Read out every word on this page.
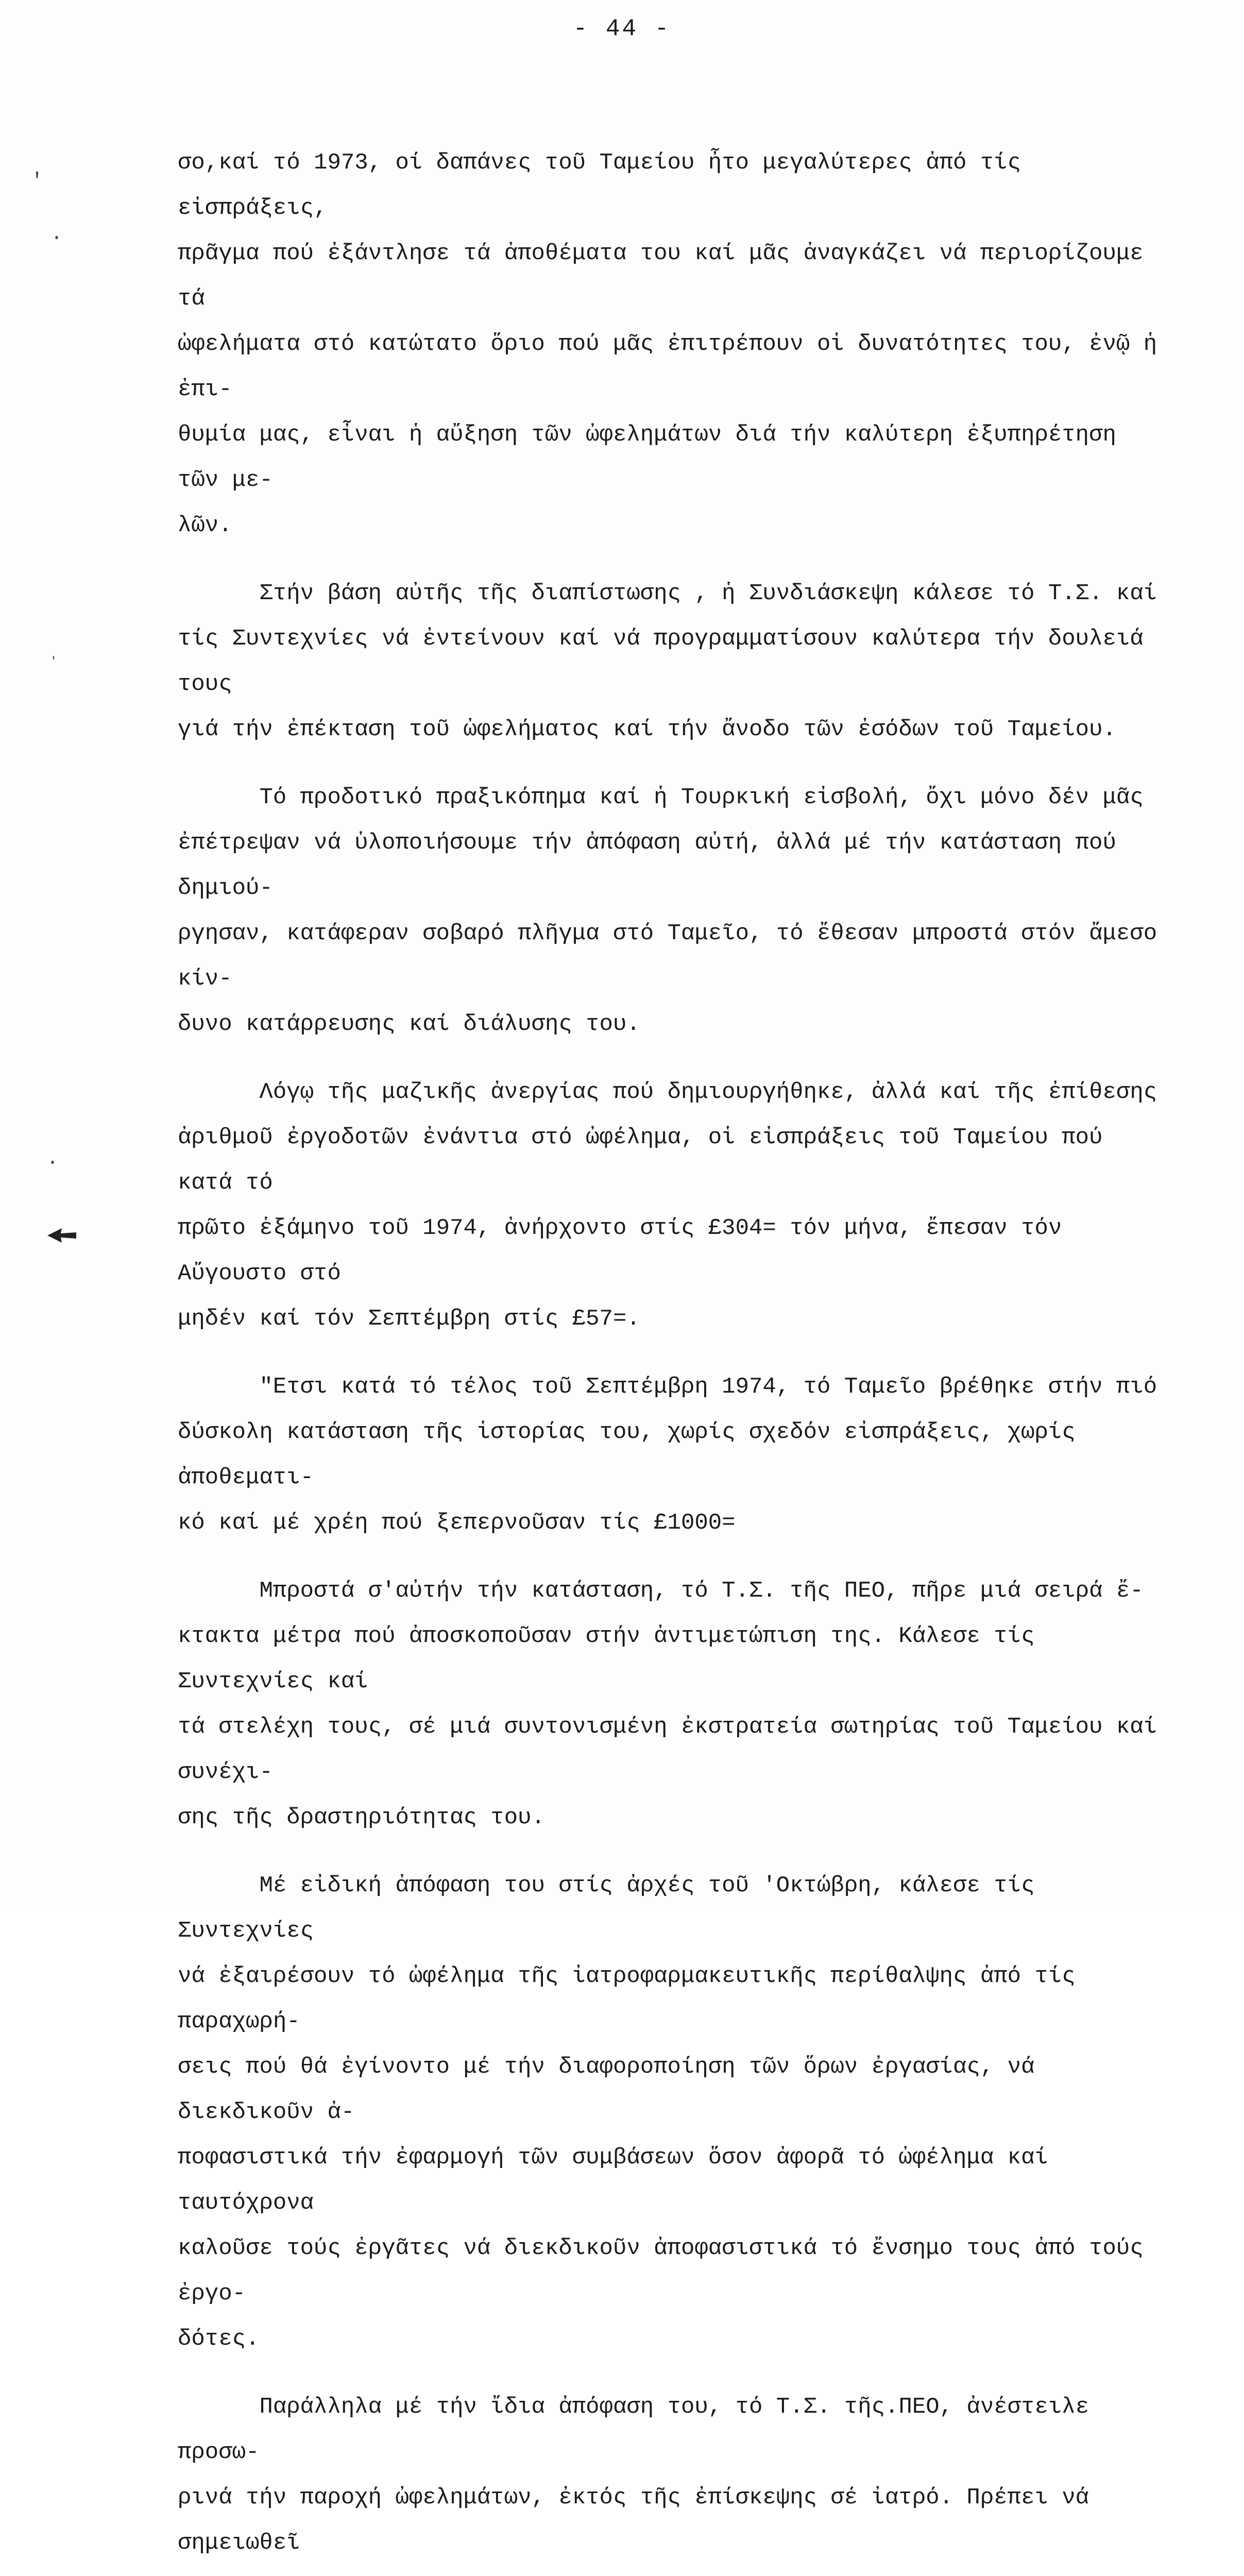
- 44 -
σο,καί τό 1973, οί δαπάνες τοῦ Ταμείου ἦτο μεγαλύτερες ἀπό τίς εἰσπράξεις,
πρᾶγμα πού ἐξάντλησε τά ἀποθέματα του καί μᾶς ἀναγκάζει νά περιορίζουμε τά
ὠφελήματα στό κατώτατο ὅριο πού μᾶς ἐπιτρέπουν οἱ δυνατότητες του, ἐνῷ ἡ ἐπι-
θυμία μας, εἶναι ἡ αὔξηση τῶν ὠφελημάτων διά τήν καλύτερη ἐξυπηρέτηση τῶν με-
λῶν.
Στήν βάση αὐτῆς τῆς διαπίστωσης , ἡ Συνδιάσκεψη κάλεσε τό Τ.Σ. καί
τίς Συντεχνίες νά ἐντείνουν καί νά προγραμματίσουν καλύτερα τήν δουλειά τους
γιά τήν ἐπέκταση τοῦ ὠφελήματος καί τήν ἄνοδο τῶν ἐσόδων τοῦ Ταμείου.
Τό προδοτικό πραξικόπημα καί ἡ Τουρκική εἰσβολή, ὄχι μόνο δέν μᾶς
ἐπέτρεψαν νά ὑλοποιήσουμε τήν ἀπόφαση αὐτή, ἀλλά μέ τήν κατάσταση πού δημιού-
ργησαν, κατάφεραν σοβαρό πλῆγμα στό Ταμεῖο, τό ἔθεσαν μπροστά στόν ἄμεσο κίν-
δυνο κατάρρευσης καί διάλυσης του.
Λόγῳ τῆς μαζικῆς ἀνεργίας πού δημιουργήθηκε, ἀλλά καί τῆς ἐπίθεσης
ἀριθμοῦ ἐργοδοτῶν ἐνάντια στό ὠφέλημα, οἱ εἰσπράξεις τοῦ Ταμείου πού κατά τό
πρῶτο ἑξάμηνο τοῦ 1974, ἀνήρχοντο στίς £304= τόν μήνα, ἔπεσαν τόν Αὔγουστο στό
μηδέν καί τόν Σεπτέμβρη στίς £57=.
"Ετσι κατά τό τέλος τοῦ Σεπτέμβρη 1974, τό Ταμεῖο βρέθηκε στήν πιό
δύσκολη κατάσταση τῆς ἱστορίας του, χωρίς σχεδόν εἰσπράξεις, χωρίς ἀποθεματι-
κό καί μέ χρέη πού ξεπερνοῦσαν τίς £1000=
Μπροστά σ'αὐτήν τήν κατάσταση, τό Τ.Σ. τῆς ΠΕΟ, πῆρε μιά σειρά ἔ-
κτακτα μέτρα πού ἀποσκοποῦσαν στήν ἀντιμετώπιση της. Κάλεσε τίς Συντεχνίες καί
τά στελέχη τους, σέ μιά συντονισμένη ἐκστρατεία σωτηρίας τοῦ Ταμείου καί συνέχι-
σης τῆς δραστηριότητας του.
Μέ εἰδική ἀπόφαση του στίς ἀρχές τοῦ 'Οκτώβρη, κάλεσε τίς Συντεχνίες
νά ἐξαιρέσουν τό ὠφέλημα τῆς ἰατροφαρμακευτικῆς περίθαλψης ἀπό τίς παραχωρή-
σεις πού θά ἐγίνοντο μέ τήν διαφοροποίηση τῶν ὅρων ἐργασίας, νά διεκδικοῦν ἀ-
ποφασιστικά τήν ἐφαρμογή τῶν συμβάσεων ὅσον ἀφορᾶ τό ὠφέλημα καί ταυτόχρονα
καλοῦσε τούς ἐργᾶτες νά διεκδικοῦν ἀποφασιστικά τό ἔνσημο τους ἀπό τούς ἐργο-
δότες.
Παράλληλα μέ τήν ἴδια ἀπόφαση του, τό Τ.Σ. τῆς.ΠΕΟ, ἀνέστειλε προσω-
ρινά τήν παροχή ὠφελημάτων, ἐκτός τῆς ἐπίσκεψης σέ ἰατρό. Πρέπει νά σημειωθεῖ
ʹ
·
ˌ
·
